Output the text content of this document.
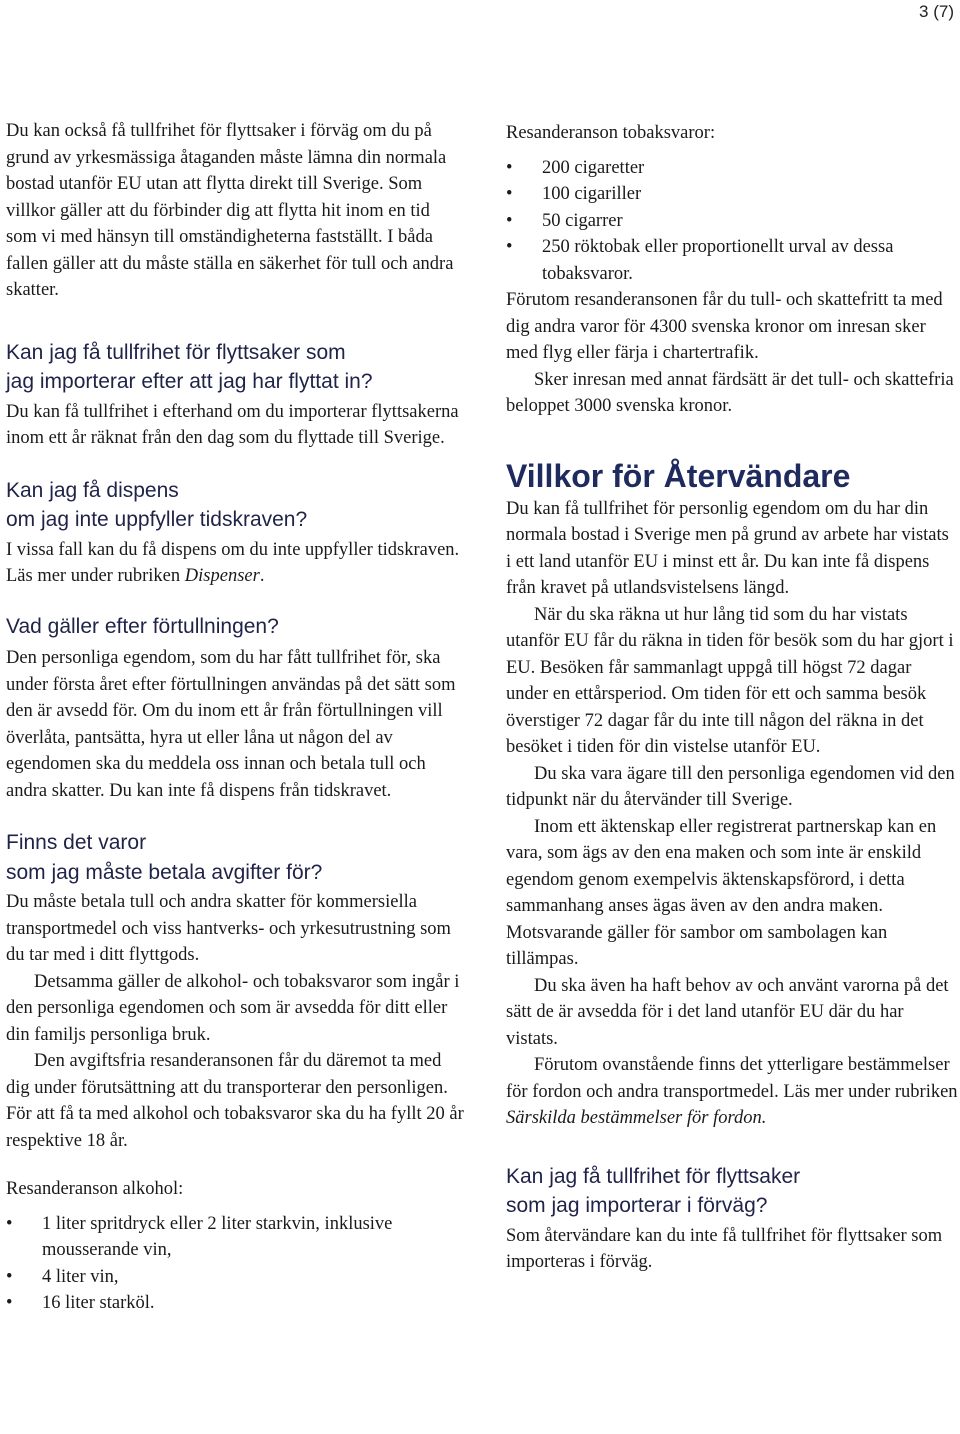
3 (7)

Du kan också få tullfrihet för flyttsaker i förväg om du på grund av yrkesmässiga åtaganden måste lämna din normala bostad utanför EU utan att flytta direkt till Sverige. Som villkor gäller att du förbinder dig att flytta hit inom en tid som vi med hänsyn till omständigheterna fastställt. I båda fallen gäller att du måste ställa en säkerhet för tull och andra skatter.

Kan jag få tullfrihet för flyttsaker som
jag importerar efter att jag har flyttat in?

Du kan få tullfrihet i efterhand om du importerar flyttsakerna inom ett år räknat från den dag som du flyttade till Sverige.

Kan jag få dispens
om jag inte uppfyller tidskraven?

I vissa fall kan du få dispens om du inte uppfyller tidskraven. Läs mer under rubriken Dispenser.

Vad gäller efter förtullningen?

Den personliga egendom, som du har fått tullfrihet för, ska under första året efter förtullningen användas på det sätt som den är avsedd för. Om du inom ett år från förtullningen vill överlåta, pantsätta, hyra ut eller låna ut någon del av egendomen ska du meddela oss innan och betala tull och andra skatter. Du kan inte få dispens från tidskravet.

Finns det varor
som jag måste betala avgifter för?

Du måste betala tull och andra skatter för kommersiella transportmedel och viss hantverks- och yrkesutrustning som du tar med i ditt flyttgods.

Detsamma gäller de alkohol- och tobaksvaror som ingår i den personliga egendomen och som är avsedda för ditt eller din familjs personliga bruk.

Den avgiftsfria resanderansonen får du däremot ta med dig under förutsättning att du transporterar den personligen. För att få ta med alkohol och tobaksvaror ska du ha fyllt 20 år respektive 18 år.

Resanderanson alkohol:

• 1 liter spritdryck eller 2 liter starkvin, inklusive mousserande vin,
• 4 liter vin,
• 16 liter starköl.

Resanderanson tobaksvaror:

• 200 cigaretter
• 100 cigariller
• 50 cigarrer
• 250 röktobak eller proportionellt urval av dessa tobaksvaror.

Förutom resanderansonen får du tull- och skattefritt ta med dig andra varor för 4300 svenska kronor om inresan sker med flyg eller färja i chartertrafik.

Sker inresan med annat färdsätt är det tull- och skattefria beloppet 3000 svenska kronor.

Villkor för Återvändare

Du kan få tullfrihet för personlig egendom om du har din normala bostad i Sverige men på grund av arbete har vistats i ett land utanför EU i minst ett år. Du kan inte få dispens från kravet på utlandsvistelsens längd.

När du ska räkna ut hur lång tid som du har vistats utanför EU får du räkna in tiden för besök som du har gjort i EU. Besöken får sammanlagt uppgå till högst 72 dagar under en ettårsperiod. Om tiden för ett och samma besök överstiger 72 dagar får du inte till någon del räkna in det besöket i tiden för din vistelse utanför EU.

Du ska vara ägare till den personliga egendomen vid den tidpunkt när du återvänder till Sverige.

Inom ett äktenskap eller registrerat partnerskap kan en vara, som ägs av den ena maken och som inte är enskild egendom genom exempelvis äktenskapsförord, i detta sammanhang anses ägas även av den andra maken. Motsvarande gäller för sambor om sambolagen kan tillämpas.

Du ska även ha haft behov av och använt varorna på det sätt de är avsedda för i det land utanför EU där du har vistats.

Förutom ovanstående finns det ytterligare bestämmelser för fordon och andra transportmedel. Läs mer under rubriken Särskilda bestämmelser för fordon.

Kan jag få tullfrihet för flyttsaker
som jag importerar i förväg?

Som återvändare kan du inte få tullfrihet för flyttsaker som importeras i förväg.
